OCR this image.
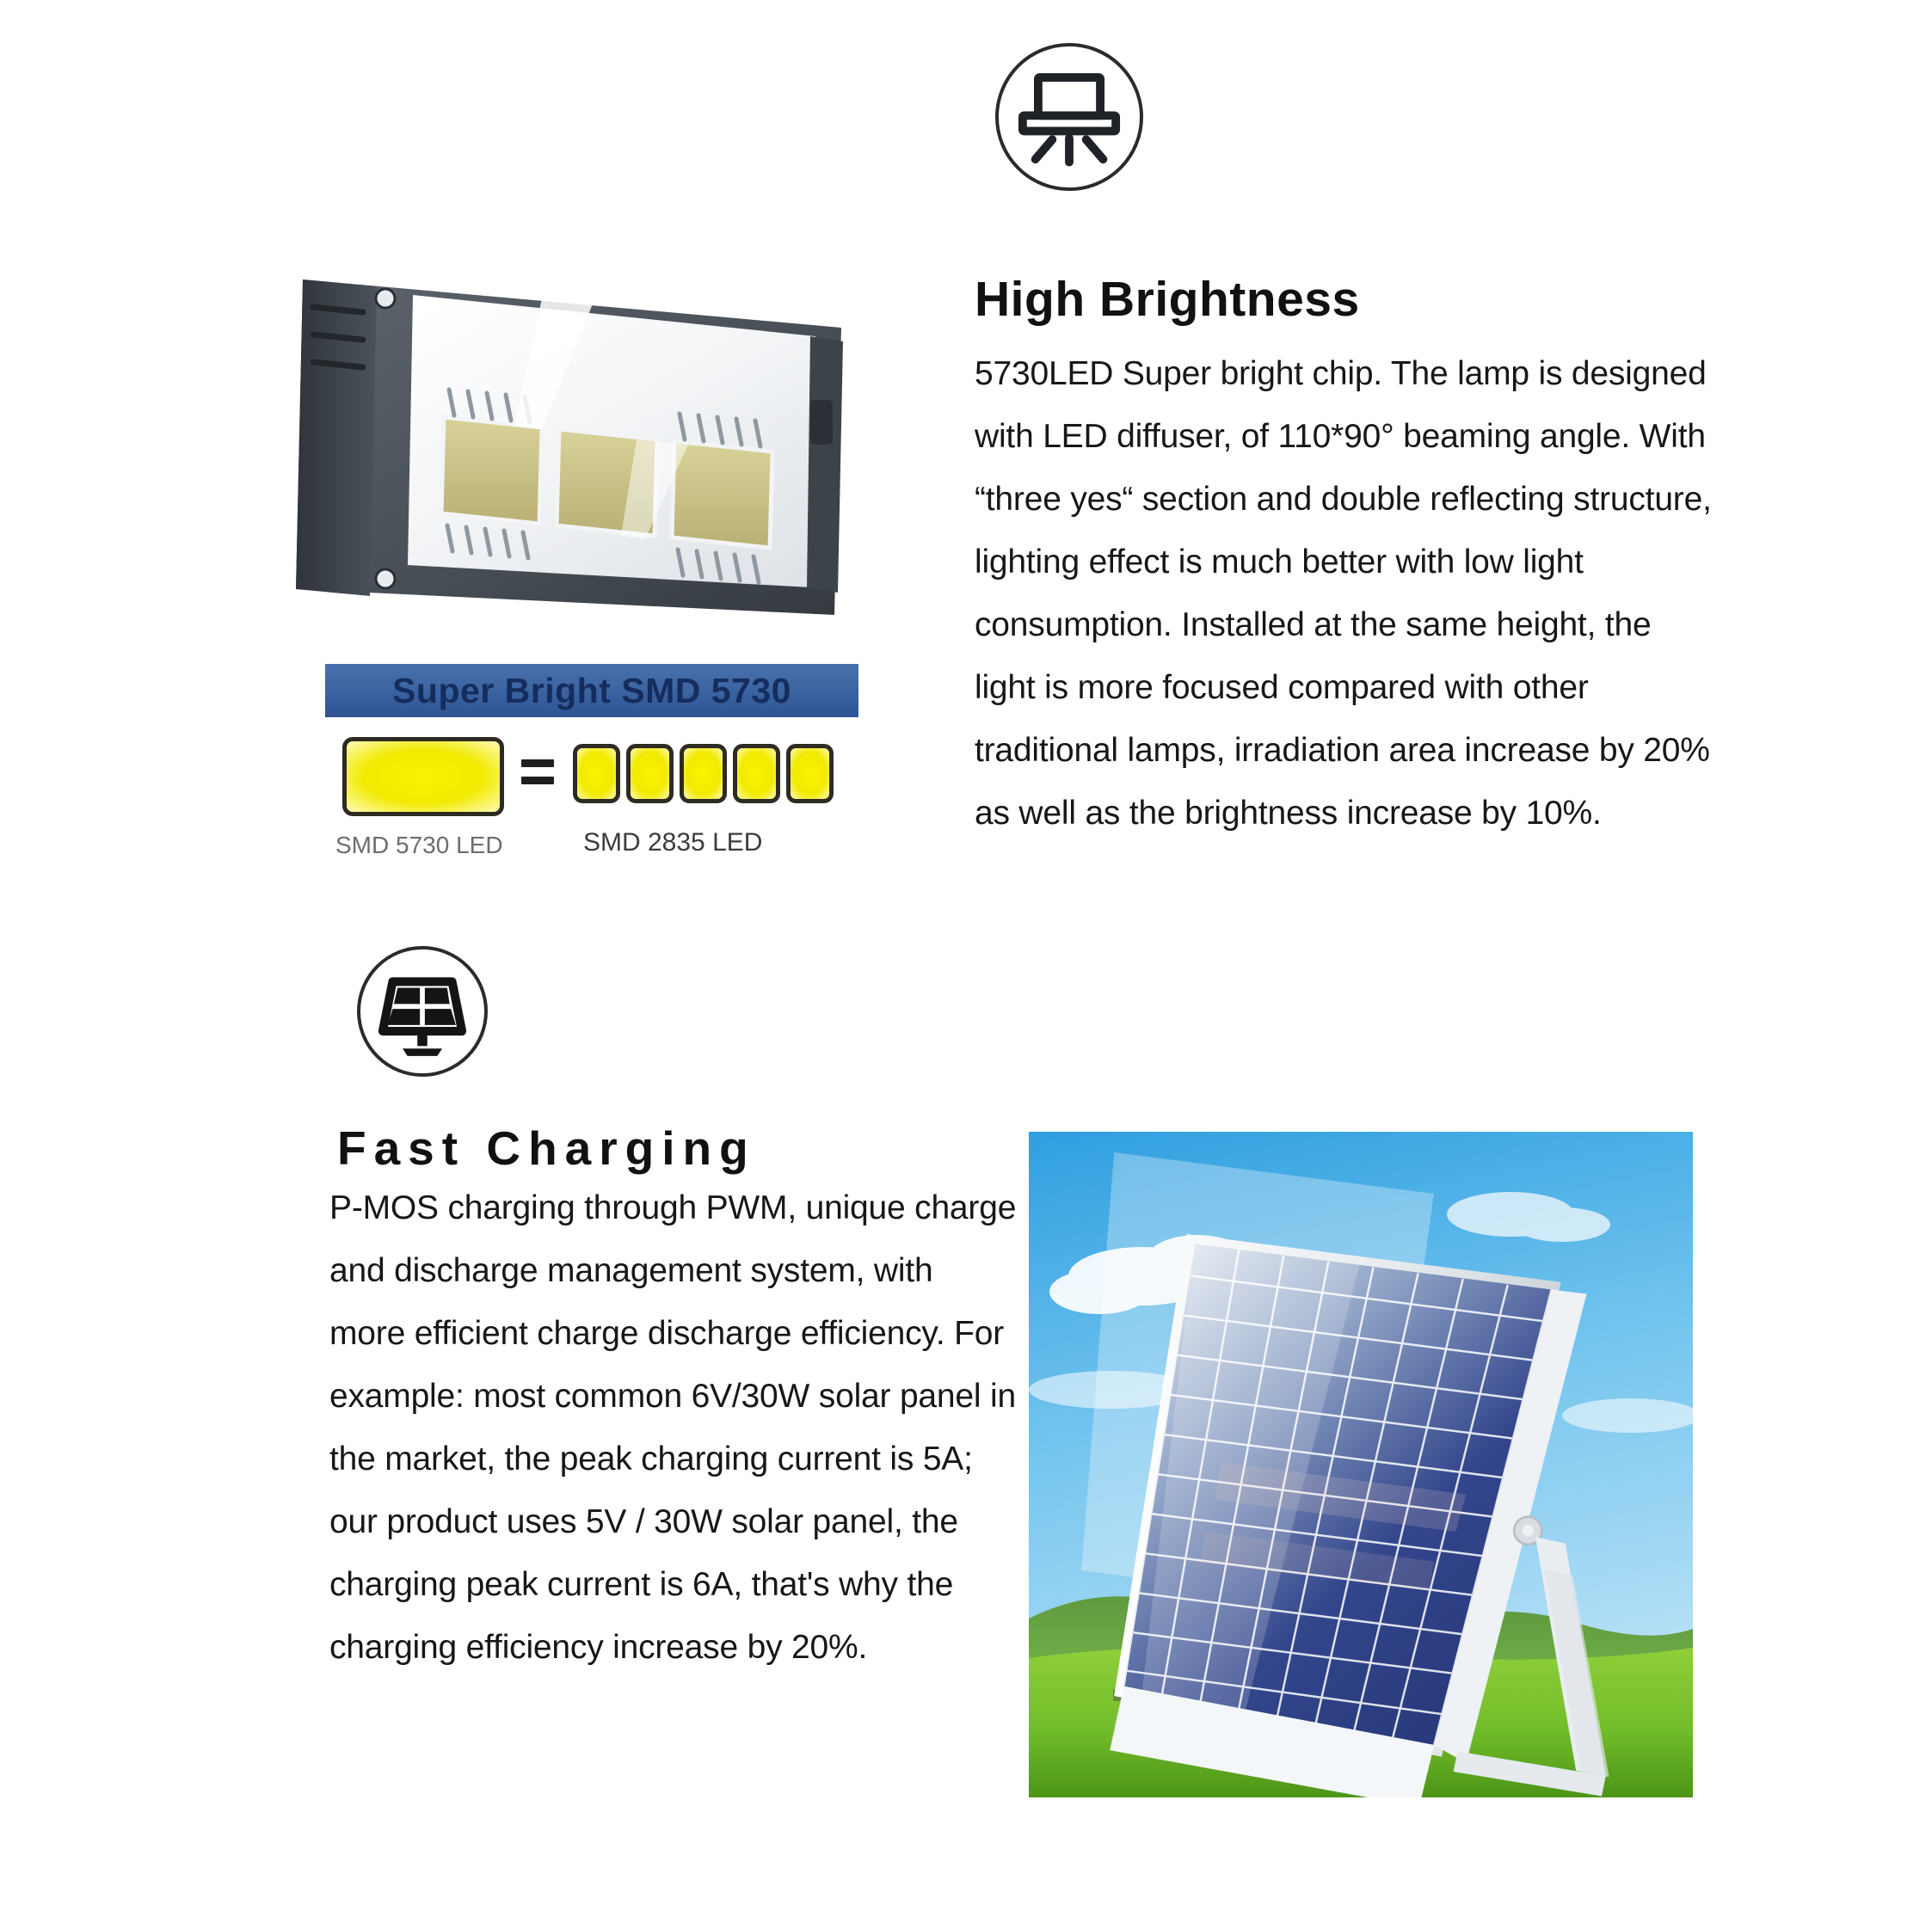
High Brightness
5730LED Super bright chip. The lamp is designed with LED diffuser, of 110*90° beaming angle. With “three yes“ section and double reflecting structure, lighting effect is much better with low light consumption. Installed at the same height, the light is more focused compared with other traditional lamps, irradiation area increase by 20% as well as the brightness increase by 10%.
Super Bright SMD 5730
SMD 5730 LED	SMD 2835 LED
Fast Charging
P-MOS charging through PWM, unique charge and discharge management system, with more efficient charge discharge efficiency. For example: most common 6V/30W solar panel in the market, the peak charging current is 5A; our product uses 5V / 30W solar panel, the charging peak current is 6A, that's why the charging efficiency increase by 20%.
